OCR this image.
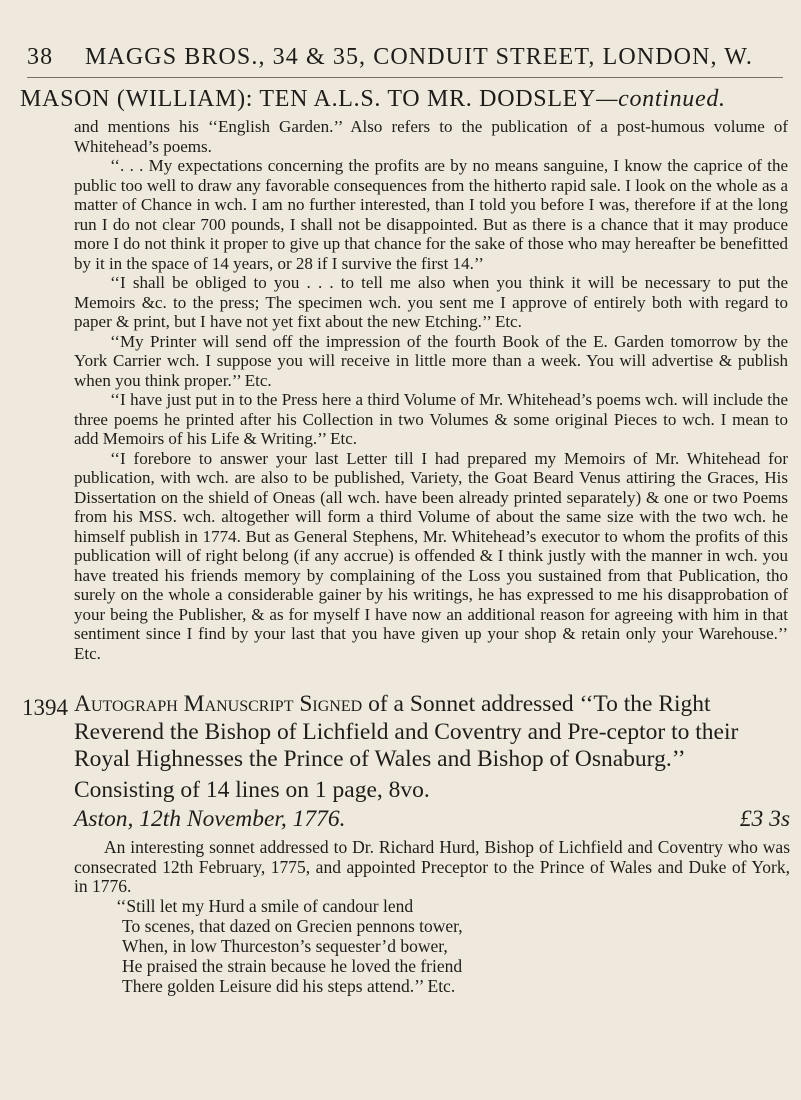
38 MAGGS BROS., 34 & 35, CONDUIT STREET, LONDON, W.
MASON (WILLIAM): TEN A.L.S. TO MR. DODSLEY—continued.

and mentions his ‘‘English Garden.’’ Also refers to the publication of a post-humous volume of Whitehead’s poems.

‘‘. . . My expectations concerning the profits are by no means sanguine, I know the caprice of the public too well to draw any favorable consequences from the hitherto rapid sale. I look on the whole as a matter of Chance in wch. I am no further interested, than I told you before I was, therefore if at the long run I do not clear 700 pounds, I shall not be disappointed. But as there is a chance that it may produce more I do not think it proper to give up that chance for the sake of those who may hereafter be benefitted by it in the space of 14 years, or 28 if I survive the first 14.’’

‘‘I shall be obliged to you . . . to tell me also when you think it will be necessary to put the Memoirs &c. to the press; The specimen wch. you sent me I approve of entirely both with regard to paper & print, but I have not yet fixt about the new Etching.’’ Etc.

‘‘My Printer will send off the impression of the fourth Book of the E. Garden tomorrow by the York Carrier wch. I suppose you will receive in little more than a week. You will advertise & publish when you think proper.’’ Etc.

‘‘I have just put in to the Press here a third Volume of Mr. Whitehead’s poems wch. will include the three poems he printed after his Collection in two Volumes & some original Pieces to wch. I mean to add Memoirs of his Life & Writing.’’ Etc.

‘‘I forebore to answer your last Letter till I had prepared my Memoirs of Mr. Whitehead for publication, with wch. are also to be published, Variety, the Goat Beard Venus attiring the Graces, His Dissertation on the shield of Oneas (all wch. have been already printed separately) & one or two Poems from his MSS. wch. altogether will form a third Volume of about the same size with the two wch. he himself publish in 1774. But as General Stephens, Mr. Whitehead’s executor to whom the profits of this publication will of right belong (if any accrue) is offended & I think justly with the manner in wch. you have treated his friends memory by complaining of the Loss you sustained from that Publication, tho surely on the whole a considerable gainer by his writings, he has expressed to me his disapprobation of your being the Publisher, & as for myself I have now an additional reason for agreeing with him in that sentiment since I find by your last that you have given up your shop & retain only your Warehouse.’’ Etc.

1394 Autograph Manuscript Signed of a Sonnet addressed ‘‘To the Right Reverend the Bishop of Lichfield and Coventry and Pre-ceptor to their Royal Highnesses the Prince of Wales and Bishop of Osnaburg.’’

Consisting of 14 lines on 1 page, 8vo.
Aston, 12th November, 1776.	£3 3s

An interesting sonnet addressed to Dr. Richard Hurd, Bishop of Lichfield and Coventry who was consecrated 12th February, 1775, and appointed Preceptor to the Prince of Wales and Duke of York, in 1776.

‘‘Still let my Hurd a smile of candour lend
To scenes, that dazed on Grecien pennons tower,
When, in low Thurceston’s sequester’d bower,
He praised the strain because he loved the friend
There golden Leisure did his steps attend.’’ Etc.
